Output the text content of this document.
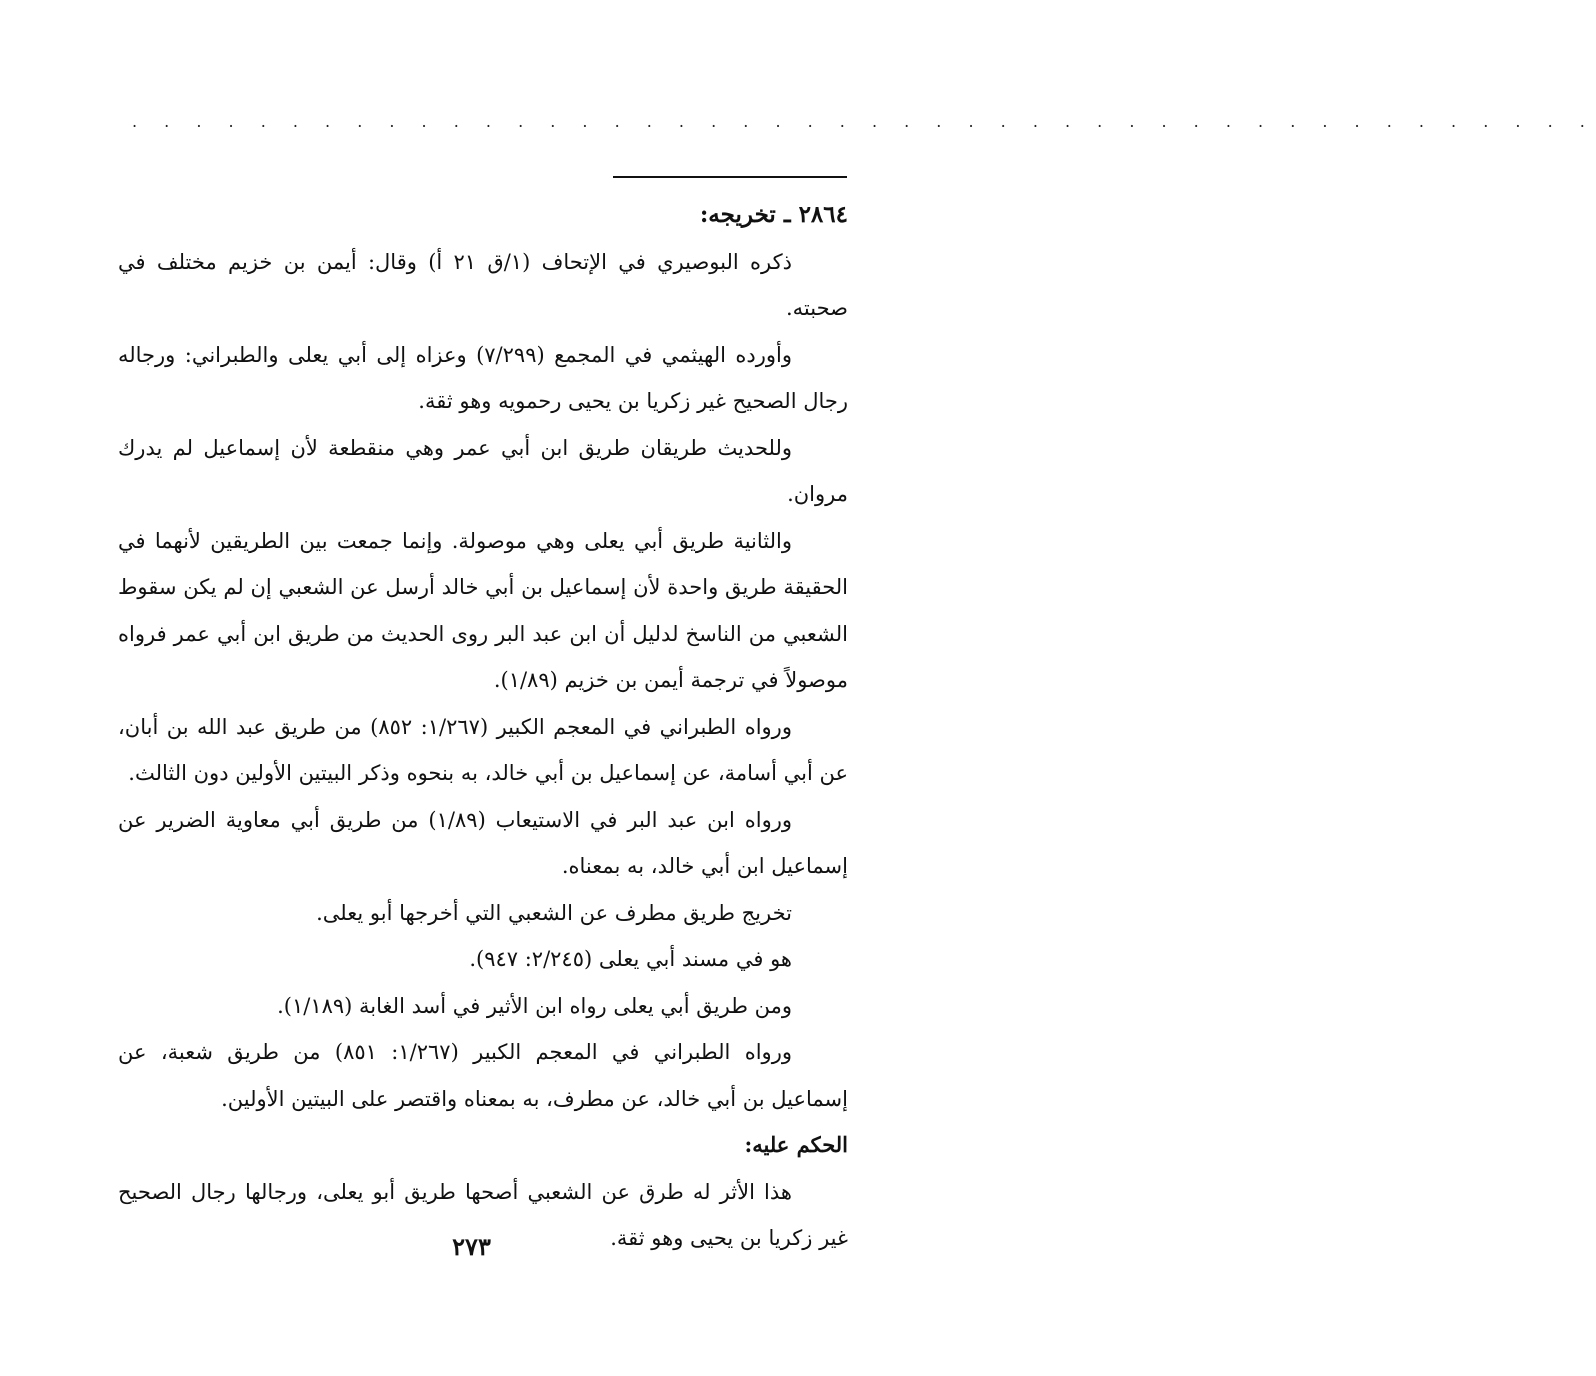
. . . . . . . . . . . . . . . . . . . . . . . . . . . . . . . . . . . . . . . . . . . . . .

٢٨٦٤ ـ تخريجه:

ذكره البوصيري في الإتحاف (١/ق ٢١ أ) وقال: أيمن بن خزيم مختلف في صحبته.

وأورده الهيثمي في المجمع (٧/٢٩٩) وعزاه إلى أبي يعلى والطبراني: ورجاله رجال الصحيح غير زكريا بن يحيى رحمويه وهو ثقة.

وللحديث طريقان طريق ابن أبي عمر وهي منقطعة لأن إسماعيل لم يدرك مروان.

والثانية طريق أبي يعلى وهي موصولة. وإنما جمعت بين الطريقين لأنهما في الحقيقة طريق واحدة لأن إسماعيل بن أبي خالد أرسل عن الشعبي إن لم يكن سقوط الشعبي من الناسخ لدليل أن ابن عبد البر روى الحديث من طريق ابن أبي عمر فرواه موصولاً في ترجمة أيمن بن خزيم (١/٨٩).

ورواه الطبراني في المعجم الكبير (١/٢٦٧: ٨٥٢) من طريق عبد الله بن أبان، عن أبي أسامة، عن إسماعيل بن أبي خالد، به بنحوه وذكر البيتين الأولين دون الثالث.

ورواه ابن عبد البر في الاستيعاب (١/٨٩) من طريق أبي معاوية الضرير عن إسماعيل ابن أبي خالد، به بمعناه.

تخريج طريق مطرف عن الشعبي التي أخرجها أبو يعلى.

هو في مسند أبي يعلى (٢/٢٤٥: ٩٤٧).

ومن طريق أبي يعلى رواه ابن الأثير في أسد الغابة (١/١٨٩).

ورواه الطبراني في المعجم الكبير (١/٢٦٧: ٨٥١) من طريق شعبة، عن إسماعيل بن أبي خالد، عن مطرف، به بمعناه واقتصر على البيتين الأولين.

الحكم عليه:

هذا الأثر له طرق عن الشعبي أصحها طريق أبو يعلى، ورجالها رجال الصحيح غير زكريا بن يحيى وهو ثقة.

٢٧٣
